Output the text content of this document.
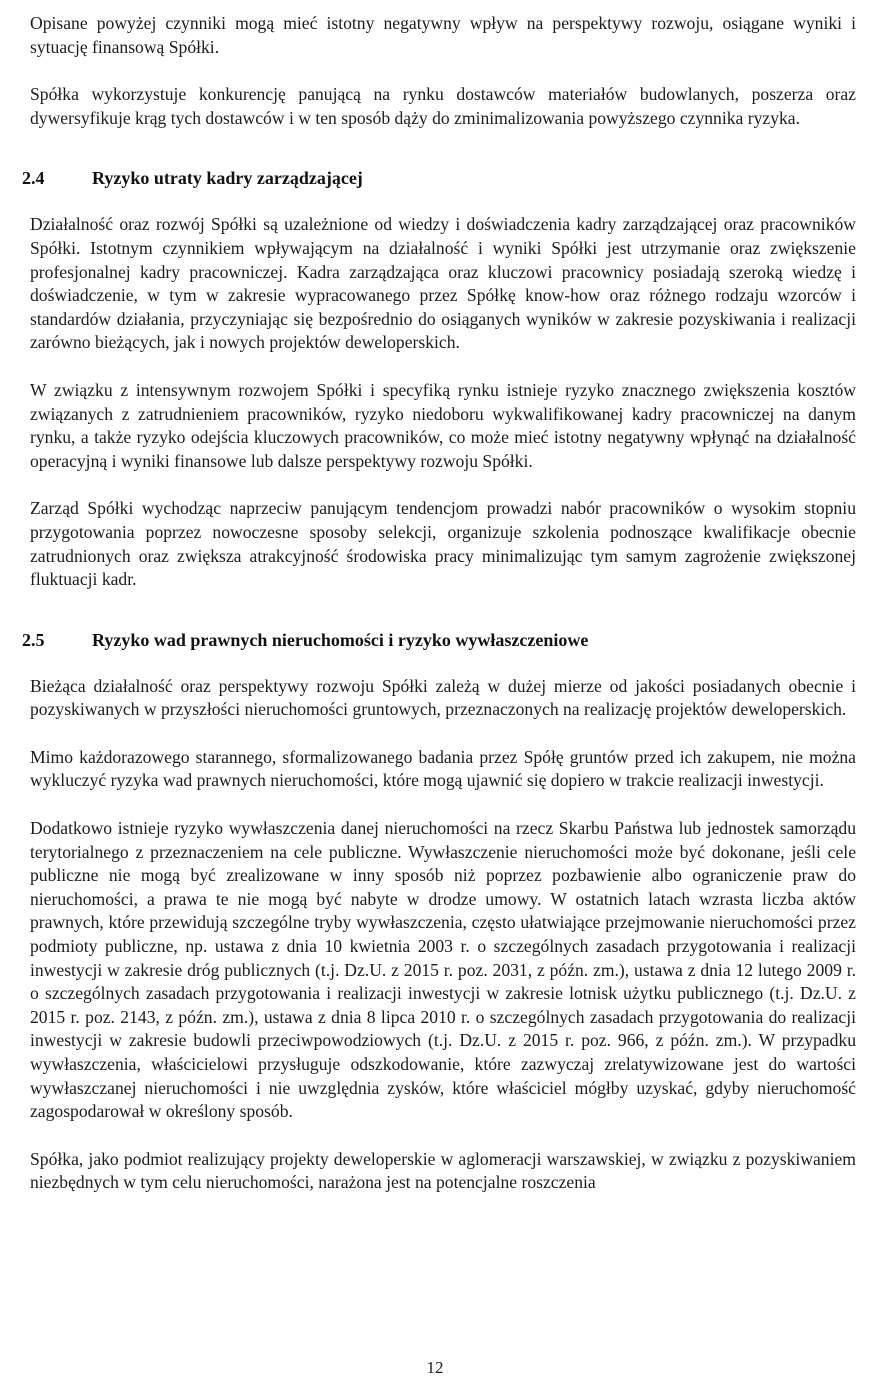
Opisane powyżej czynniki mogą mieć istotny negatywny wpływ na perspektywy rozwoju, osiągane wyniki i sytuację finansową Spółki.

Spółka wykorzystuje konkurencję panującą na rynku dostawców materiałów budowlanych, poszerza oraz dywersyfikuje krąg tych dostawców i w ten sposób dąży do zminimalizowania powyższego czynnika ryzyka.

2.4	Ryzyko utraty kadry zarządzającej

Działalność oraz rozwój Spółki są uzależnione od wiedzy i doświadczenia kadry zarządzającej oraz pracowników Spółki. Istotnym czynnikiem wpływającym na działalność i wyniki Spółki jest utrzymanie oraz zwiększenie profesjonalnej kadry pracowniczej. Kadra zarządzająca oraz kluczowi pracownicy posiadają szeroką wiedzę i doświadczenie, w tym w zakresie wypracowanego przez Spółkę know-how oraz różnego rodzaju wzorców i standardów działania, przyczyniając się bezpośrednio do osiąganych wyników w zakresie pozyskiwania i realizacji zarówno bieżących, jak i nowych projektów deweloperskich.

W związku z intensywnym rozwojem Spółki i specyfiką rynku istnieje ryzyko znacznego zwiększenia kosztów związanych z zatrudnieniem pracowników, ryzyko niedoboru wykwalifikowanej kadry pracowniczej na danym rynku, a także ryzyko odejścia kluczowych pracowników, co może mieć istotny negatywny wpłynąć na działalność operacyjną i wyniki finansowe lub dalsze perspektywy rozwoju Spółki.

Zarząd Spółki wychodząc naprzeciw panującym tendencjom prowadzi nabór pracowników o wysokim stopniu przygotowania poprzez nowoczesne sposoby selekcji, organizuje szkolenia podnoszące kwalifikacje obecnie zatrudnionych oraz zwiększa atrakcyjność środowiska pracy minimalizując tym samym zagrożenie zwiększonej fluktuacji kadr.

2.5	Ryzyko wad prawnych nieruchomości i ryzyko wywłaszczeniowe

Bieżąca działalność oraz perspektywy rozwoju Spółki zależą w dużej mierze od jakości posiadanych obecnie i pozyskiwanych w przyszłości nieruchomości gruntowych, przeznaczonych na realizację projektów deweloperskich.

Mimo każdorazowego starannego, sformalizowanego badania przez Spółę gruntów przed ich zakupem, nie można wykluczyć ryzyka wad prawnych nieruchomości, które mogą ujawnić się dopiero w trakcie realizacji inwestycji.

Dodatkowo istnieje ryzyko wywłaszczenia danej nieruchomości na rzecz Skarbu Państwa lub jednostek samorządu terytorialnego z przeznaczeniem na cele publiczne. Wywłaszczenie nieruchomości może być dokonane, jeśli cele publiczne nie mogą być zrealizowane w inny sposób niż poprzez pozbawienie albo ograniczenie praw do nieruchomości, a prawa te nie mogą być nabyte w drodze umowy. W ostatnich latach wzrasta liczba aktów prawnych, które przewidują szczególne tryby wywłaszczenia, często ułatwiające przejmowanie nieruchomości przez podmioty publiczne, np. ustawa z dnia 10 kwietnia 2003 r. o szczególnych zasadach przygotowania i realizacji inwestycji w zakresie dróg publicznych (t.j. Dz.U. z 2015 r. poz. 2031, z późn. zm.), ustawa z dnia 12 lutego 2009 r. o szczególnych zasadach przygotowania i realizacji inwestycji w zakresie lotnisk użytku publicznego (t.j. Dz.U. z 2015 r. poz. 2143, z późn. zm.), ustawa z dnia 8 lipca 2010 r. o szczególnych zasadach przygotowania do realizacji inwestycji w zakresie budowli przeciwpowodziowych (t.j. Dz.U. z 2015 r. poz. 966, z późn. zm.). W przypadku wywłaszczenia, właścicielowi przysługuje odszkodowanie, które zazwyczaj zrelatywizowane jest do wartości wywłaszczanej nieruchomości i nie uwzględnia zysków, które właściciel mógłby uzyskać, gdyby nieruchomość zagospodarował w określony sposób.

Spółka, jako podmiot realizujący projekty deweloperskie w aglomeracji warszawskiej, w związku z pozyskiwaniem niezbędnych w tym celu nieruchomości, narażona jest na potencjalne roszczenia

12
